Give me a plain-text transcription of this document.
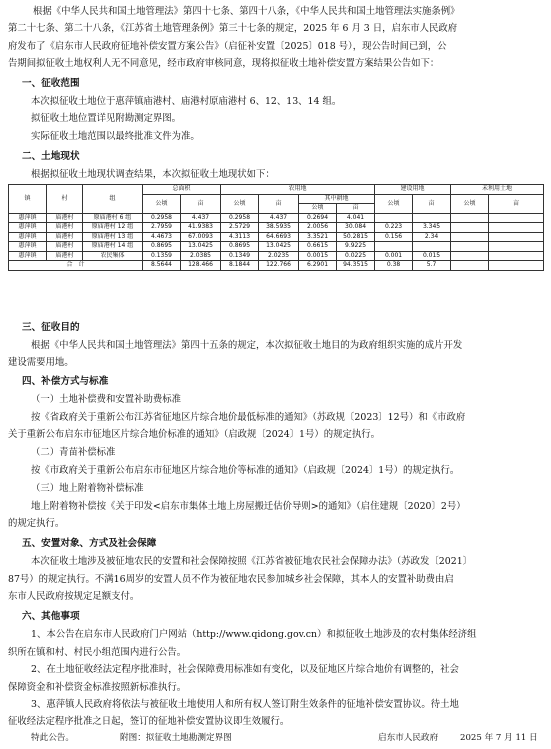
根据《中华人民共和国土地管理法》第四十七条、第四十八条，《中华人民共和国土地管理法实施条例》
第二十七条、第二十八条，《江苏省土地管理条例》第三十七条的规定，2025 年 6 月 3 日，启东市人民政府
府发布了《启东市人民政府征地补偿安置方案公告》（启征补安置〔2025〕018 号），现公告时间已到，公
告期间拟征收土地权利人无不同意见，经市政府审核同意，现将拟征收土地补偿安置方案结果公告如下：
一、征收范围
本次拟征收土地位于惠萍镇庙港村、庙港村原庙港村 6、12、13、14 组。
拟征收土地位置详见附勘测定界图。
实际征收土地范围以最终批准文件为准。
二、土地现状
根据拟征收土地现状调查结果，本次拟征收土地现状如下：
镇	村	组	总面积		农用地				建设用地		未利用土地	
			公顷	亩	公顷	亩	其中耕地		公顷	亩	公顷	亩
							公顷	亩				
惠萍镇	庙港村	原庙港村 6 组	0.2958	4.437	0.2958	4.437	0.2694	4.041				
惠萍镇	庙港村	原庙港村 12 组	2.7959	41.9383	2.5729	38.5935	2.0056	30.084	0.223	3.345		
惠萍镇	庙港村	原庙港村 13 组	4.4673	67.0093	4.3113	64.6693	3.3521	50.2815	0.156	2.34		
惠萍镇	庙港村	原庙港村 14 组	0.8695	13.0425	0.8695	13.0425	0.6615	9.9225				
惠萍镇	庙港村	农民集体	0.1359	2.0385	0.1349	2.0235	0.0015	0.0225	0.001	0.015		
合　计			8.5644	128.466	8.1844	122.766	6.2901	94.3515	0.38	5.7		
三、征收目的
根据《中华人民共和国土地管理法》第四十五条的规定，本次拟征收土地目的为政府组织实施的成片开发
建设需要用地。
四、补偿方式与标准
（一）土地补偿费和安置补助费标准
按《省政府关于重新公布江苏省征地区片综合地价最低标准的通知》（苏政规〔2023〕12号）和《市政府
关于重新公布启东市征地区片综合地价标准的通知》（启政规〔2024〕1号）的规定执行。
（二）青苗补偿标准
按《市政府关于重新公布启东市征地区片综合地价等标准的通知》（启政规〔2024〕1号）的规定执行。
（三）地上附着物补偿标准
地上附着物补偿按《关于印发<启东市集体土地上房屋搬迁估价导则>的通知》（启住建规〔2020〕2号）
的规定执行。
五、安置对象、方式及社会保障
本次征收土地涉及被征地农民的安置和社会保障按照《江苏省被征地农民社会保障办法》（苏政发〔2021〕
87号）的规定执行。不满16周岁的安置人员不作为被征地农民参加城乡社会保障，其本人的安置补助费由启
东市人民政府按规定足额支付。
六、其他事项
1、本公告在启东市人民政府门户网站（http://www.qidong.gov.cn）和拟征收土地涉及的农村集体经济组
织所在镇和村、村民小组范围内进行公告。
2、在土地征收经法定程序批准时，社会保障费用标准如有变化，以及征地区片综合地价有调整的，社会
保障资金和补偿资金标准按照新标准执行。
3、惠萍镇人民政府将依法与被征收土地使用人和所有权人签订附生效条件的征地补偿安置协议。待土地
征收经法定程序批准之日起，签订的征地补偿安置协议即生效履行。
特此公告。	附图：拟征收土地勘测定界图	启东市人民政府	2025 年 7 月 11 日
